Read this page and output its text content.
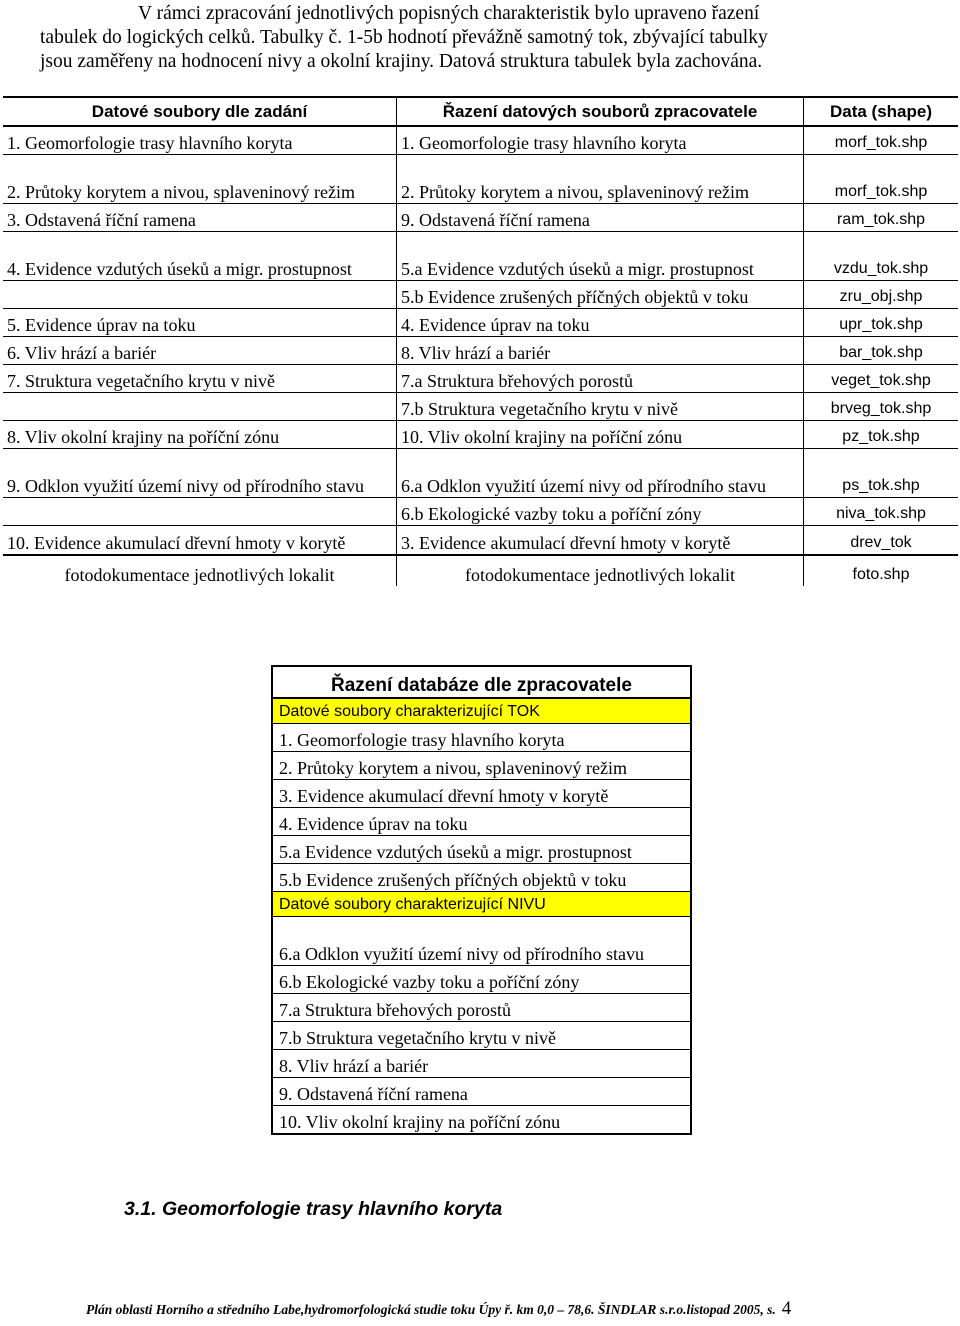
V rámci zpracování jednotlivých popisných charakteristik bylo upraveno řazení
tabulek do logických celků. Tabulky č. 1-5b hodnotí převážně samotný tok, zbývající tabulky
jsou zaměřeny na hodnocení nivy a okolní krajiny. Datová struktura tabulek byla zachována.
Datové soubory dle zadání	Řazení datových souborů zpracovatele	Data (shape)
1. Geomorfologie trasy hlavního koryta	1. Geomorfologie trasy hlavního koryta	morf_tok.shp
2. Průtoky korytem a nivou, splaveninový režim	2. Průtoky korytem a nivou, splaveninový režim	morf_tok.shp
3. Odstavená říční ramena	9. Odstavená říční ramena	ram_tok.shp
4. Evidence vzdutých úseků a migr. prostupnost	5.a Evidence vzdutých úseků a migr. prostupnost	vzdu_tok.shp
	5.b Evidence zrušených příčných objektů v toku	zru_obj.shp
5. Evidence úprav na toku	4. Evidence úprav na toku	upr_tok.shp
6. Vliv hrází a bariér	8. Vliv hrází a bariér	bar_tok.shp
7. Struktura vegetačního krytu v nivě	7.a Struktura břehových porostů	veget_tok.shp
	7.b Struktura vegetačního krytu v nivě	brveg_tok.shp
8. Vliv okolní krajiny na poříční zónu	10. Vliv okolní krajiny na poříční zónu	pz_tok.shp
9. Odklon využití území nivy od přírodního stavu	6.a Odklon využití území nivy od přírodního stavu	ps_tok.shp
	6.b Ekologické vazby toku a poříční zóny	niva_tok.shp
10. Evidence akumulací dřevní hmoty v korytě	3. Evidence akumulací dřevní hmoty v korytě	drev_tok
fotodokumentace jednotlivých lokalit	fotodokumentace jednotlivých lokalit	foto.shp
Řazení databáze dle zpracovatele
Datové soubory charakterizující TOK
1. Geomorfologie trasy hlavního koryta
2. Průtoky korytem a nivou, splaveninový režim
3. Evidence akumulací dřevní hmoty v korytě
4. Evidence úprav na toku
5.a Evidence vzdutých úseků a migr. prostupnost
5.b Evidence zrušených příčných objektů v toku
Datové soubory charakterizující NIVU
6.a Odklon využití území nivy od přírodního stavu
6.b Ekologické vazby toku a poříční zóny
7.a Struktura břehových porostů
7.b Struktura vegetačního krytu v nivě
8. Vliv hrází a bariér
9. Odstavená říční ramena
10. Vliv okolní krajiny na poříční zónu
3.1. Geomorfologie trasy hlavního koryta
Plán oblasti Horního a středního Labe,hydromorfologická studie toku Úpy ř. km 0,0 – 78,6. ŠINDLAR s.r.o.listopad 2005, s. 4
